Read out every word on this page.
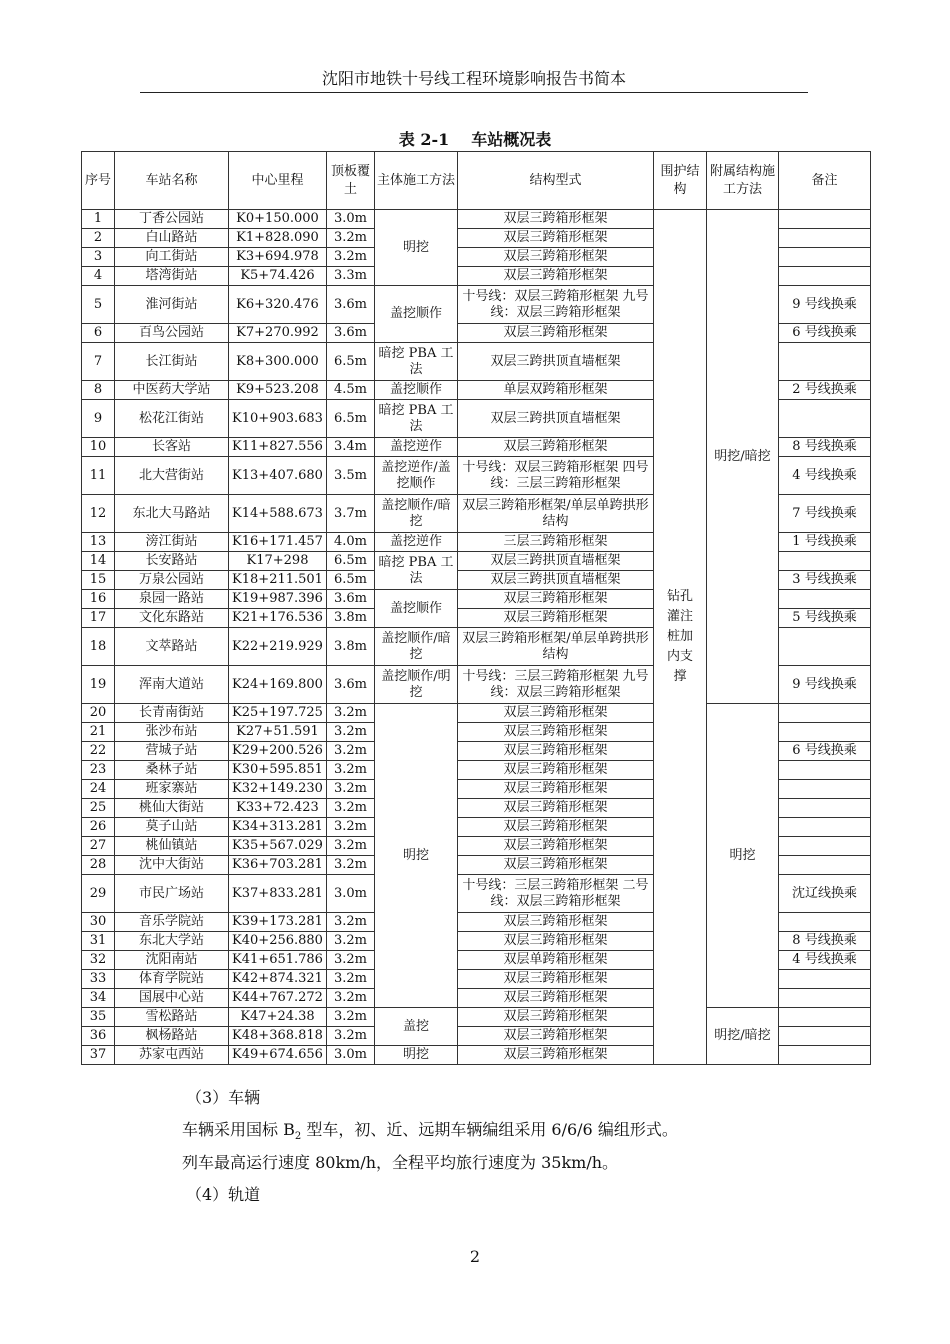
沈阳市地铁十号线工程环境影响报告书简本
表 2-1 车站概况表
序号	车站名称	中心里程	顶板覆土	主体施工方法	结构型式	围护结构	附属结构施工方法	备注
1	丁香公园站	K0+150.000	3.0m	明挖	双层三跨箱形框架	钻孔灌注桩加内支撑	明挖/暗挖	
2	白山路站	K1+828.090	3.2m		双层三跨箱形框架			
3	向工街站	K3+694.978	3.2m		双层三跨箱形框架			
4	塔湾街站	K5+74.426	3.3m		双层三跨箱形框架			
5	淮河街站	K6+320.476	3.6m	盖挖顺作	十号线：双层三跨箱形框架 九号线：双层三跨箱形框架			9 号线换乘
6	百鸟公园站	K7+270.992	3.6m		双层三跨箱形框架			6 号线换乘
7	长江街站	K8+300.000	6.5m	暗挖 PBA 工法	双层三跨拱顶直墙框架			
8	中医药大学站	K9+523.208	4.5m	盖挖顺作	单层双跨箱形框架			2 号线换乘
9	松花江街站	K10+903.683	6.5m	暗挖 PBA 工法	双层三跨拱顶直墙框架			
10	长客站	K11+827.556	3.4m	盖挖逆作	双层三跨箱形框架			8 号线换乘
11	北大营街站	K13+407.680	3.5m	盖挖逆作/盖挖顺作	十号线：双层三跨箱形框架 四号线：三层三跨箱形框架			4 号线换乘
12	东北大马路站	K14+588.673	3.7m	盖挖顺作/暗挖	双层三跨箱形框架/单层单跨拱形结构			7 号线换乘
13	滂江街站	K16+171.457	4.0m	盖挖逆作	三层三跨箱形框架			1 号线换乘
14	长安路站	K17+298	6.5m	暗挖 PBA 工法	双层三跨拱顶直墙框架			
15	万泉公园站	K18+211.501	6.5m		双层三跨拱顶直墙框架			3 号线换乘
16	泉园一路站	K19+987.396	3.6m	盖挖顺作	双层三跨箱形框架			
17	文化东路站	K21+176.536	3.8m		双层三跨箱形框架			5 号线换乘
18	文萃路站	K22+219.929	3.8m	盖挖顺作/暗挖	双层三跨箱形框架/单层单跨拱形结构			
19	浑南大道站	K24+169.800	3.6m	盖挖顺作/明挖	十号线：三层三跨箱形框架 九号线：双层三跨箱形框架			9 号线换乘
20	长青南街站	K25+197.725	3.2m	明挖	双层三跨箱形框架		明挖	
21	张沙布站	K27+51.591	3.2m		双层三跨箱形框架			
22	营城子站	K29+200.526	3.2m		双层三跨箱形框架			6 号线换乘
23	桑林子站	K30+595.851	3.2m		双层三跨箱形框架			
24	班家寨站	K32+149.230	3.2m		双层三跨箱形框架			
25	桃仙大街站	K33+72.423	3.2m		双层三跨箱形框架			
26	莫子山站	K34+313.281	3.2m		双层三跨箱形框架			
27	桃仙镇站	K35+567.029	3.2m		双层三跨箱形框架			
28	沈中大街站	K36+703.281	3.2m		双层三跨箱形框架			
29	市民广场站	K37+833.281	3.0m		十号线：三层三跨箱形框架 二号线：双层三跨箱形框架			沈辽线换乘
30	音乐学院站	K39+173.281	3.2m		双层三跨箱形框架			
31	东北大学站	K40+256.880	3.2m		双层三跨箱形框架			8 号线换乘
32	沈阳南站	K41+651.786	3.2m		双层单跨箱形框架			4 号线换乘
33	体育学院站	K42+874.321	3.2m		双层三跨箱形框架			
34	国展中心站	K44+767.272	3.2m		双层三跨箱形框架			
35	雪松路站	K47+24.38	3.2m	盖挖	双层三跨箱形框架		明挖/暗挖	
36	枫杨路站	K48+368.818	3.2m		双层三跨箱形框架			
37	苏家屯西站	K49+674.656	3.0m	明挖	双层三跨箱形框架			
（3）车辆
车辆采用国标 $B_2$ 型车，初、近、远期车辆编组采用 6/6/6 编组形式。
列车最高运行速度 80km/h，全程平均旅行速度为 35km/h。
（4）轨道
2
